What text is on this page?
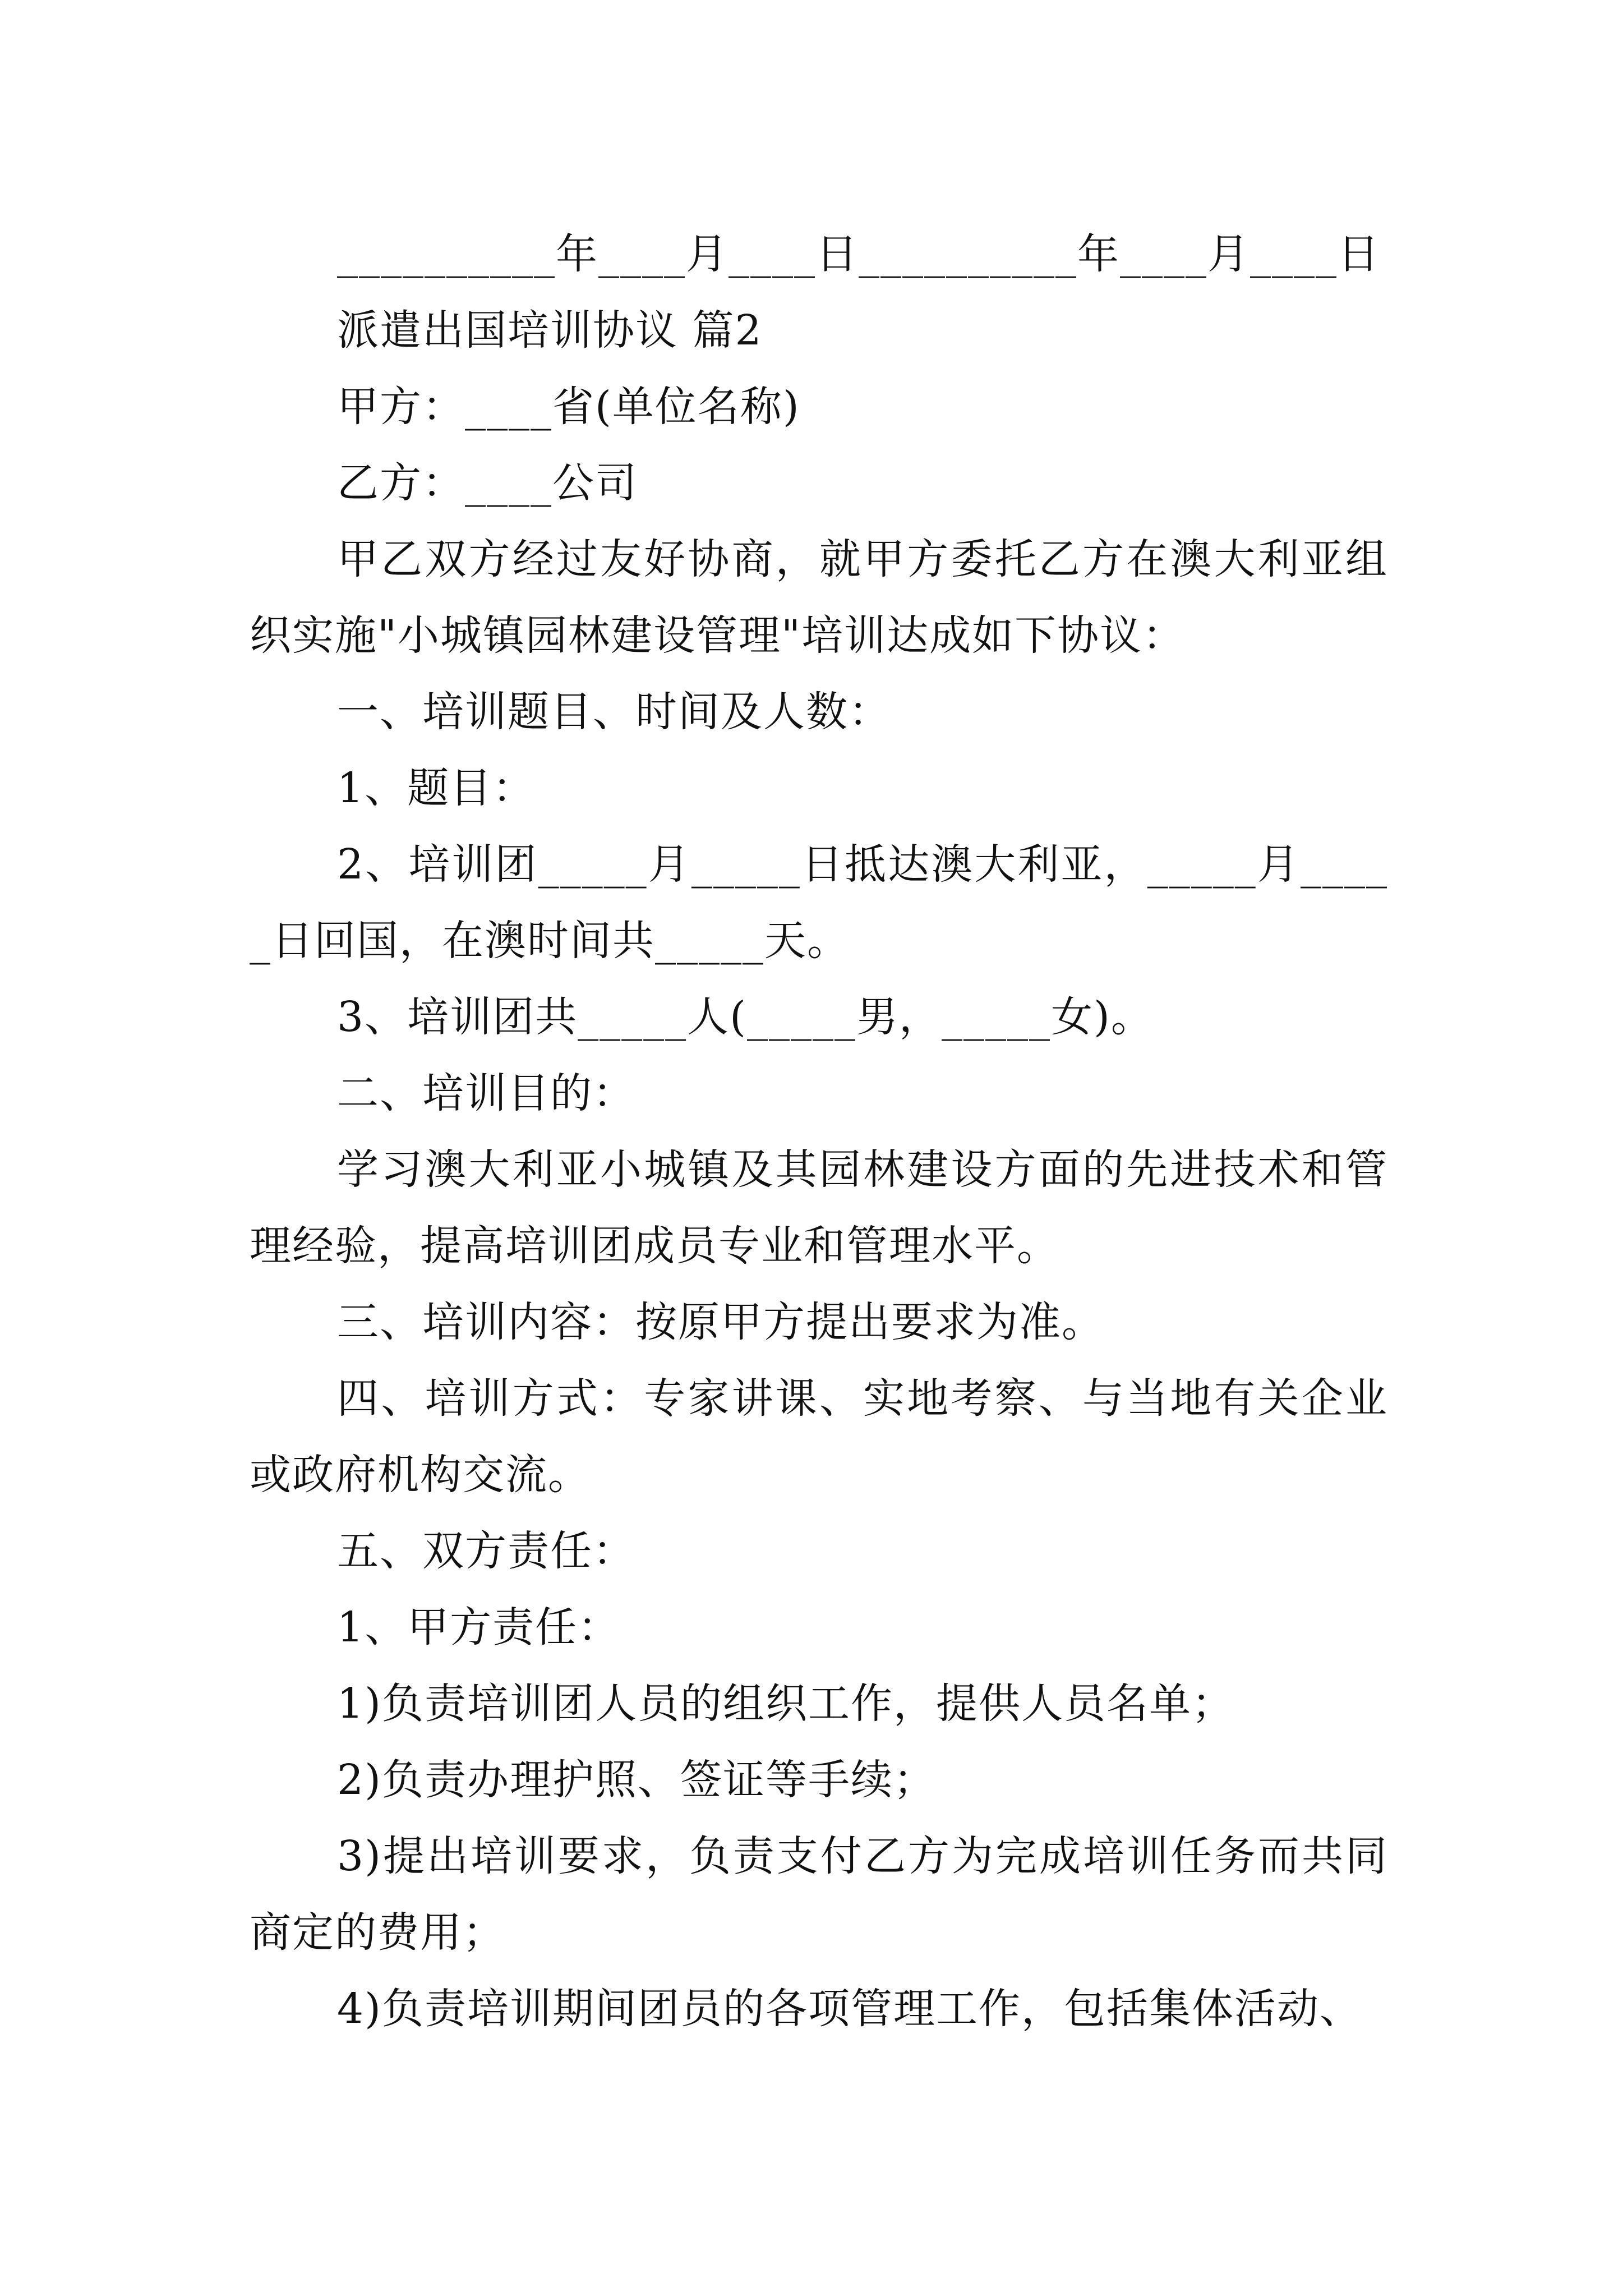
__________年____月____日__________年____月____日
派遣出国培训协议 篇2
甲方：____省(单位名称)
乙方：____公司
甲乙双方经过友好协商，就甲方委托乙方在澳大利亚组织实施"小城镇园林建设管理"培训达成如下协议：
一、培训题目、时间及人数：
1、题目：
2、培训团_____月_____日抵达澳大利亚，_____月_____日回国，在澳时间共_____天。
3、培训团共_____人(_____男，_____女)。
二、培训目的：
学习澳大利亚小城镇及其园林建设方面的先进技术和管理经验，提高培训团成员专业和管理水平。
三、培训内容：按原甲方提出要求为准。
四、培训方式：专家讲课、实地考察、与当地有关企业或政府机构交流。
五、双方责任：
1、甲方责任：
1)负责培训团人员的组织工作，提供人员名单；
2)负责办理护照、签证等手续；
3)提出培训要求，负责支付乙方为完成培训任务而共同商定的费用；
4)负责培训期间团员的各项管理工作，包括集体活动、
